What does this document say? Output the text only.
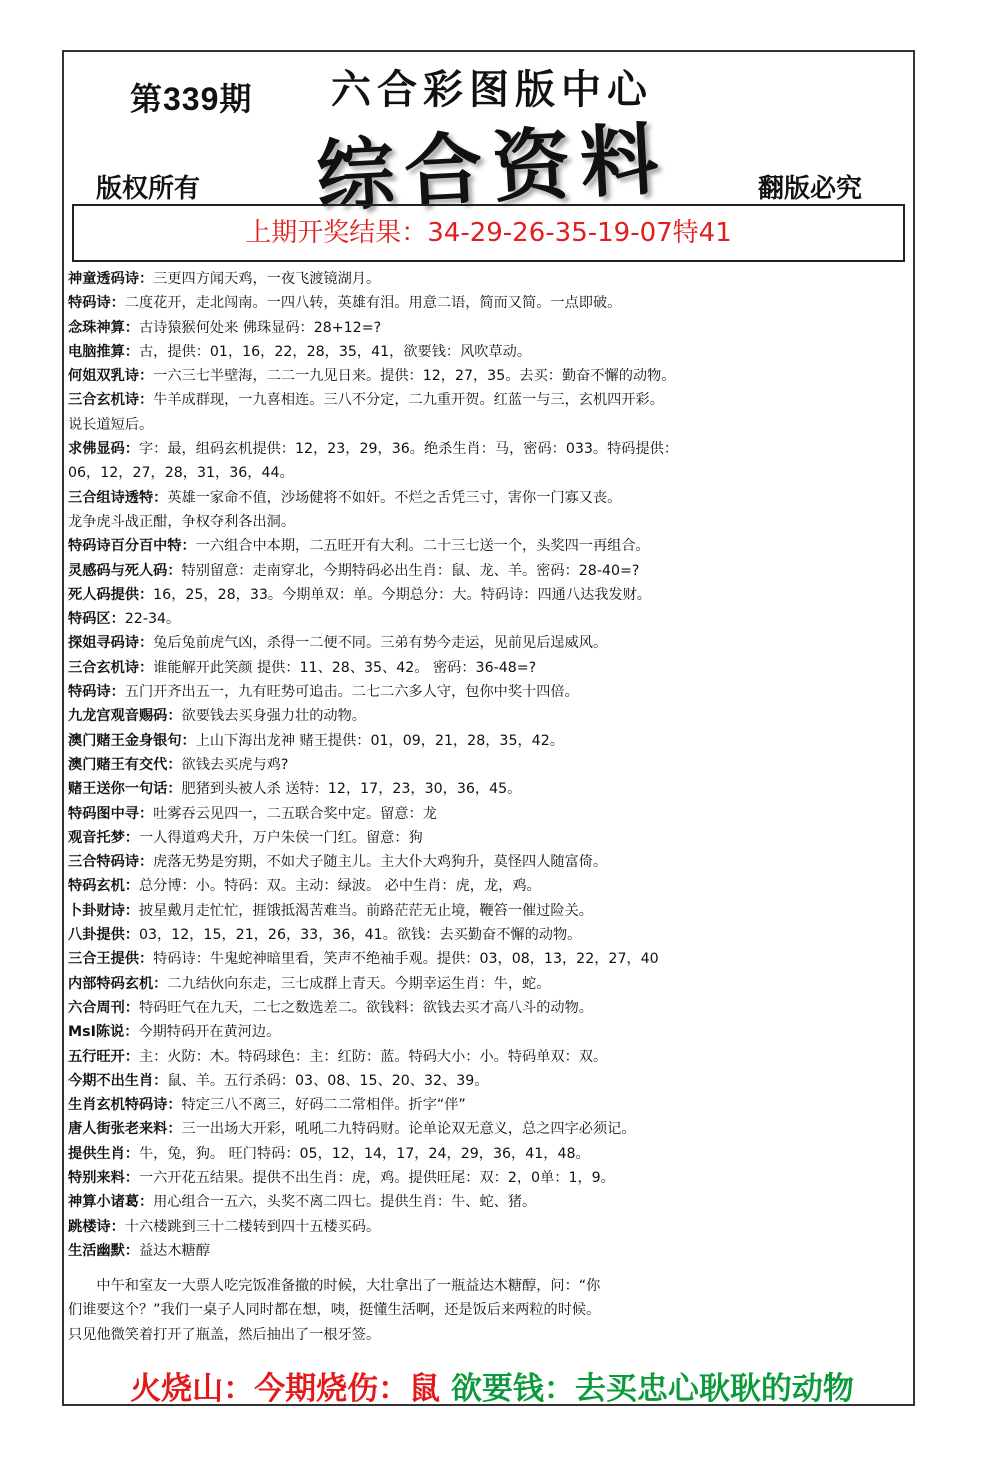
第339期	六合彩图版中心
综合资料
版权所有	翻版必究
上期开奖结果：34-29-26-35-19-07特41
神童透码诗：三更四方闻天鸡，一夜飞渡镜湖月。
特码诗：二度花开，走北闯南。一四八转，英雄有泪。用意二语，简而又简。一点即破。
念珠神算：古诗猿猴何处来 佛珠显码：28+12=?
电脑推算：古，提供：01，16，22，28，35，41，欲要钱：风吹草动。
何姐双乳诗：一六三七半壁海，二二一九见日来。提供：12，27，35。去买：勤奋不懈的动物。
三合玄机诗：牛羊成群现，一九喜相连。三八不分定，二九重开贺。红蓝一与三，玄机四开彩。
说长道短后。
求佛显码：字：最，组码玄机提供：12，23，29，36。绝杀生肖：马，密码：033。特码提供：
06，12，27，28，31，36，44。
三合组诗透特：英雄一家命不值，沙场健将不如奸。不烂之舌凭三寸，害你一门寡又丧。
龙争虎斗战正酣，争权夺利各出洞。
特码诗百分百中特：一六组合中本期，二五旺开有大利。二十三七送一个，头奖四一再组合。
灵感码与死人码：特别留意：走南穿北，今期特码必出生肖：鼠、龙、羊。密码：28-40=?
死人码提供：16，25，28，33。今期单双：单。今期总分：大。特码诗：四通八达我发财。
特码区：22-34。
探姐寻码诗：兔后兔前虎气凶，杀得一二便不同。三弟有势今走运，见前见后逞威风。
三合玄机诗：谁能解开此笑颜 提供：11、28、35、42。 密码：36-48=?
特码诗：五门开齐出五一，九有旺势可追击。二七二六多人守，包你中奖十四倍。
九龙宫观音赐码：欲要钱去买身强力壮的动物。
澳门赌王金身银句：上山下海出龙神 赌王提供：01，09，21，28，35，42。
澳门赌王有交代：欲钱去买虎与鸡?
赌王送你一句话：肥猪到头被人杀 送特：12，17，23，30，36，45。
特码图中寻：吐雾吞云见四一，二五联合奖中定。留意：龙
观音托梦：一人得道鸡犬升，万户朱侯一门红。留意：狗
三合特码诗：虎落无势是穷期，不如犬子随主儿。主大仆大鸡狗升，莫怪四人随富倚。
特码玄机：总分博：小。特码：双。主动：绿波。 必中生肖：虎，龙，鸡。
卜卦财诗：披星戴月走忙忙，捱饿抵渴苦难当。前路茫茫无止境，鞭笞一催过险关。
八卦提供：03，12，15，21，26，33，36，41。欲钱：去买勤奋不懈的动物。
三合王提供：特码诗：牛鬼蛇神暗里看，笑声不绝袖手观。提供：03，08，13，22，27，40
内部特码玄机：二九结伙向东走，三七成群上青天。今期幸运生肖：牛，蛇。
六合周刊：特码旺气在九天，二七之数选差二。欲钱料：欲钱去买才高八斗的动物。
MsI陈说：今期特码开在黄河边。
五行旺开：主：火防：木。特码球色：主：红防：蓝。特码大小：小。特码单双：双。
今期不出生肖：鼠、羊。五行杀码：03、08、15、20、32、39。
生肖玄机特码诗：特定三八不离三，好码二二常相伴。折字“伴”
唐人街张老来料：三一出场大开彩，吼吼二九特码财。论单论双无意义，总之四字必须记。
提供生肖：牛，兔，狗。 旺门特码：05，12，14，17，24，29，36，41，48。
特别来料：一六开花五结果。提供不出生肖：虎，鸡。提供旺尾：双：2，0单：1，9。
神算小诸葛：用心组合一五六，头奖不离二四七。提供生肖：牛、蛇、猪。
跳楼诗：十六楼跳到三十二楼转到四十五楼买码。
生活幽默：益达木糖醇
　　中午和室友一大票人吃完饭准备撤的时候，大壮拿出了一瓶益达木糖醇，问：“你
们谁要这个？”我们一桌子人同时都在想，咦，挺懂生活啊，还是饭后来两粒的时候。
只见他微笑着打开了瓶盖，然后抽出了一根牙签。
火烧山：今期烧伤：鼠 欲要钱：去买忠心耿耿的动物
